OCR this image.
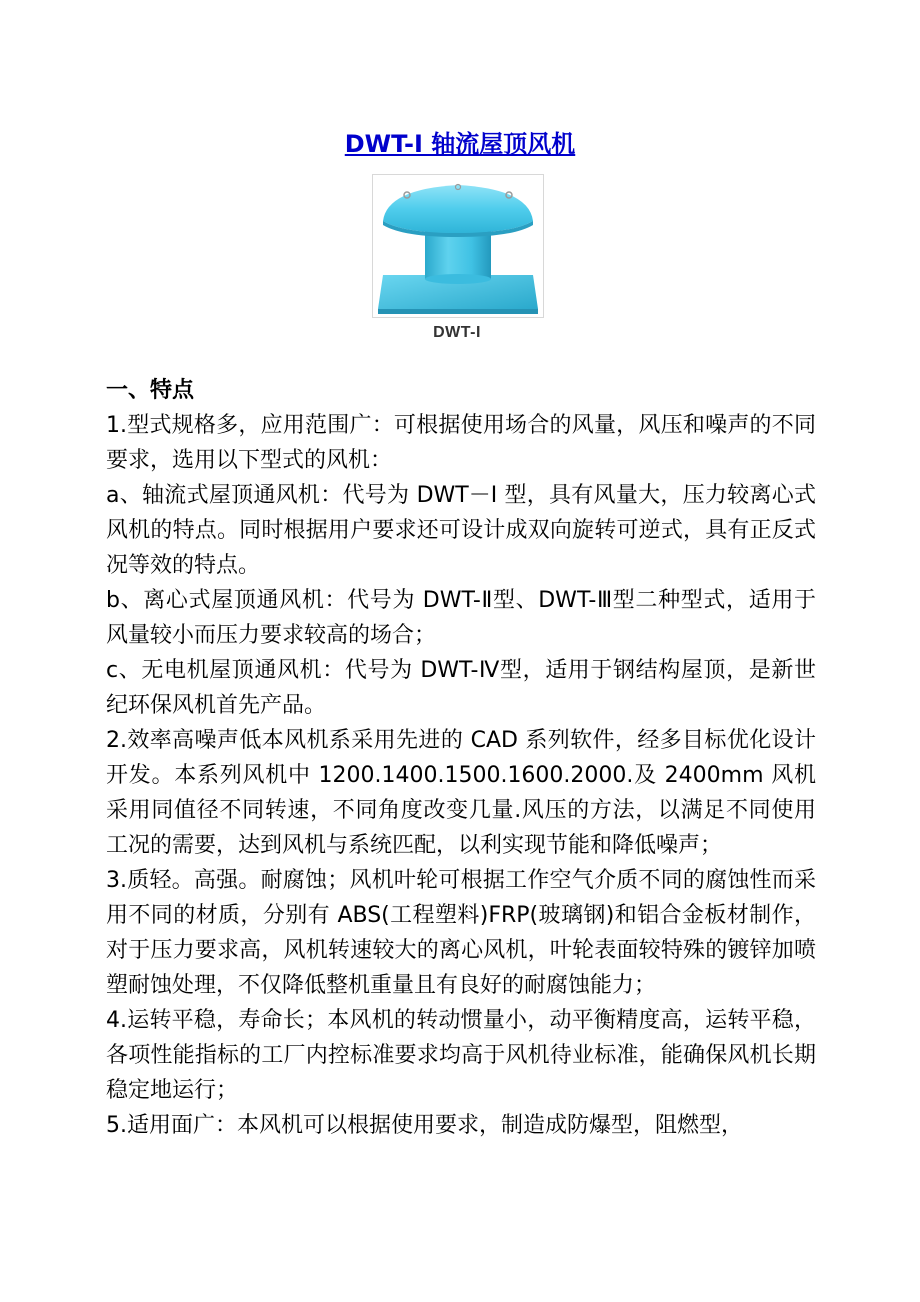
DWT-I 轴流屋顶风机
DWT-I

一、特点

1.型式规格多，应用范围广：可根据使用场合的风量，风压和噪声的不同要求，选用以下型式的风机：

a、轴流式屋顶通风机：代号为 DWT－I 型，具有风量大，压力较离心式风机的特点。同时根据用户要求还可设计成双向旋转可逆式，具有正反式况等效的特点。

b、离心式屋顶通风机：代号为 DWT-Ⅱ型、DWT-Ⅲ型二种型式，适用于风量较小而压力要求较高的场合；

c、无电机屋顶通风机：代号为 DWT-Ⅳ型，适用于钢结构屋顶，是新世纪环保风机首先产品。

2.效率高噪声低本风机系采用先进的 CAD 系列软件，经多目标优化设计开发。本系列风机中 1200.1400.1500.1600.2000.及 2400mm 风机采用同值径不同转速，不同角度改变几量.风压的方法，以满足不同使用工况的需要，达到风机与系统匹配，以利实现节能和降低噪声；

3.质轻。高强。耐腐蚀；风机叶轮可根据工作空气介质不同的腐蚀性而采用不同的材质，分别有 ABS(工程塑料)FRP(玻璃钢)和铝合金板材制作，对于压力要求高，风机转速较大的离心风机，叶轮表面较特殊的镀锌加喷塑耐蚀处理，不仅降低整机重量且有良好的耐腐蚀能力；

4.运转平稳，寿命长；本风机的转动惯量小，动平衡精度高，运转平稳，各项性能指标的工厂内控标准要求均高于风机待业标准，能确保风机长期稳定地运行；

5.适用面广：本风机可以根据使用要求，制造成防爆型，阻燃型，
